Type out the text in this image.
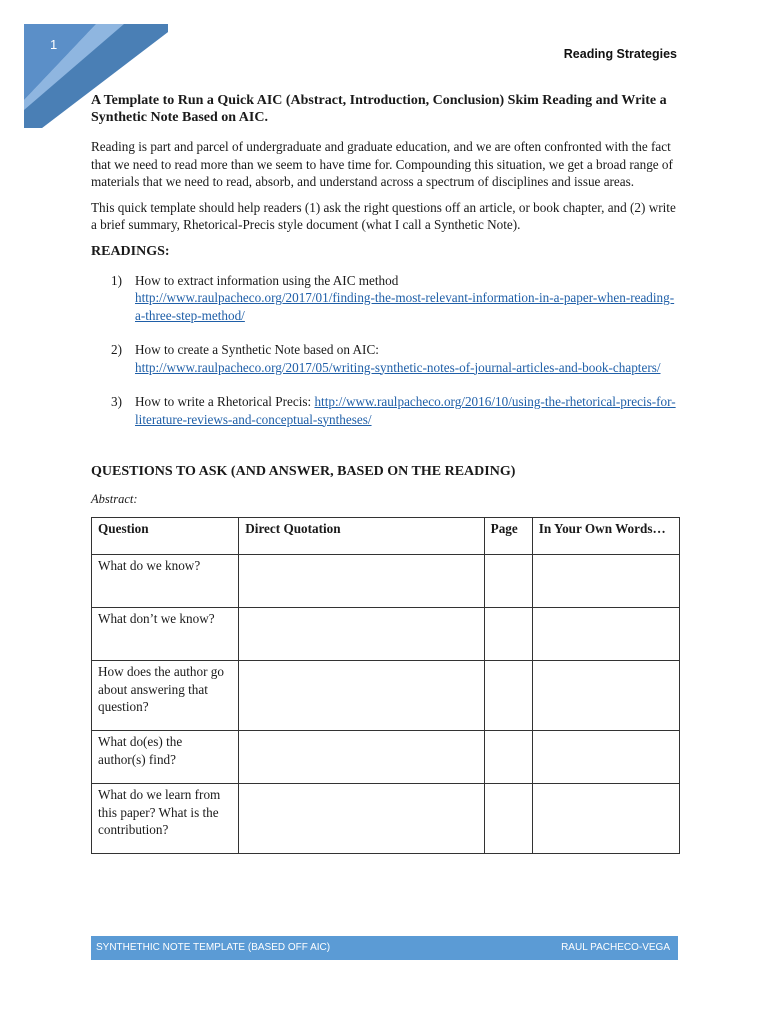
1
Reading Strategies
A Template to Run a Quick AIC (Abstract, Introduction, Conclusion) Skim Reading and Write a Synthetic Note Based on AIC.

Reading is part and parcel of undergraduate and graduate education, and we are often confronted with the fact that we need to read more than we seem to have time for. Compounding this situation, we get a broad range of materials that we need to read, absorb, and understand across a spectrum of disciplines and issue areas.

This quick template should help readers (1) ask the right questions off an article, or book chapter, and (2) write a brief summary, Rhetorical-Precis style document (what I call a Synthetic Note).

READINGS:
1) How to extract information using the AIC method
http://www.raulpacheco.org/2017/01/finding-the-most-relevant-information-in-a-paper-when-reading-a-three-step-method/
2) How to create a Synthetic Note based on AIC:
http://www.raulpacheco.org/2017/05/writing-synthetic-notes-of-journal-articles-and-book-chapters/
3) How to write a Rhetorical Precis: http://www.raulpacheco.org/2016/10/using-the-rhetorical-precis-for-literature-reviews-and-conceptual-syntheses/
QUESTIONS TO ASK (AND ANSWER, BASED ON THE READING)
Abstract:
Question	Direct Quotation	Page	In Your Own Words…
What do we know?			
What don’t we know?			
How does the author go about answering that question?			
What do(es) the author(s) find?			
What do we learn from this paper? What is the contribution?			
SYNTHETHIC NOTE TEMPLATE (BASED OFF AIC)	RAUL PACHECO-VEGA
